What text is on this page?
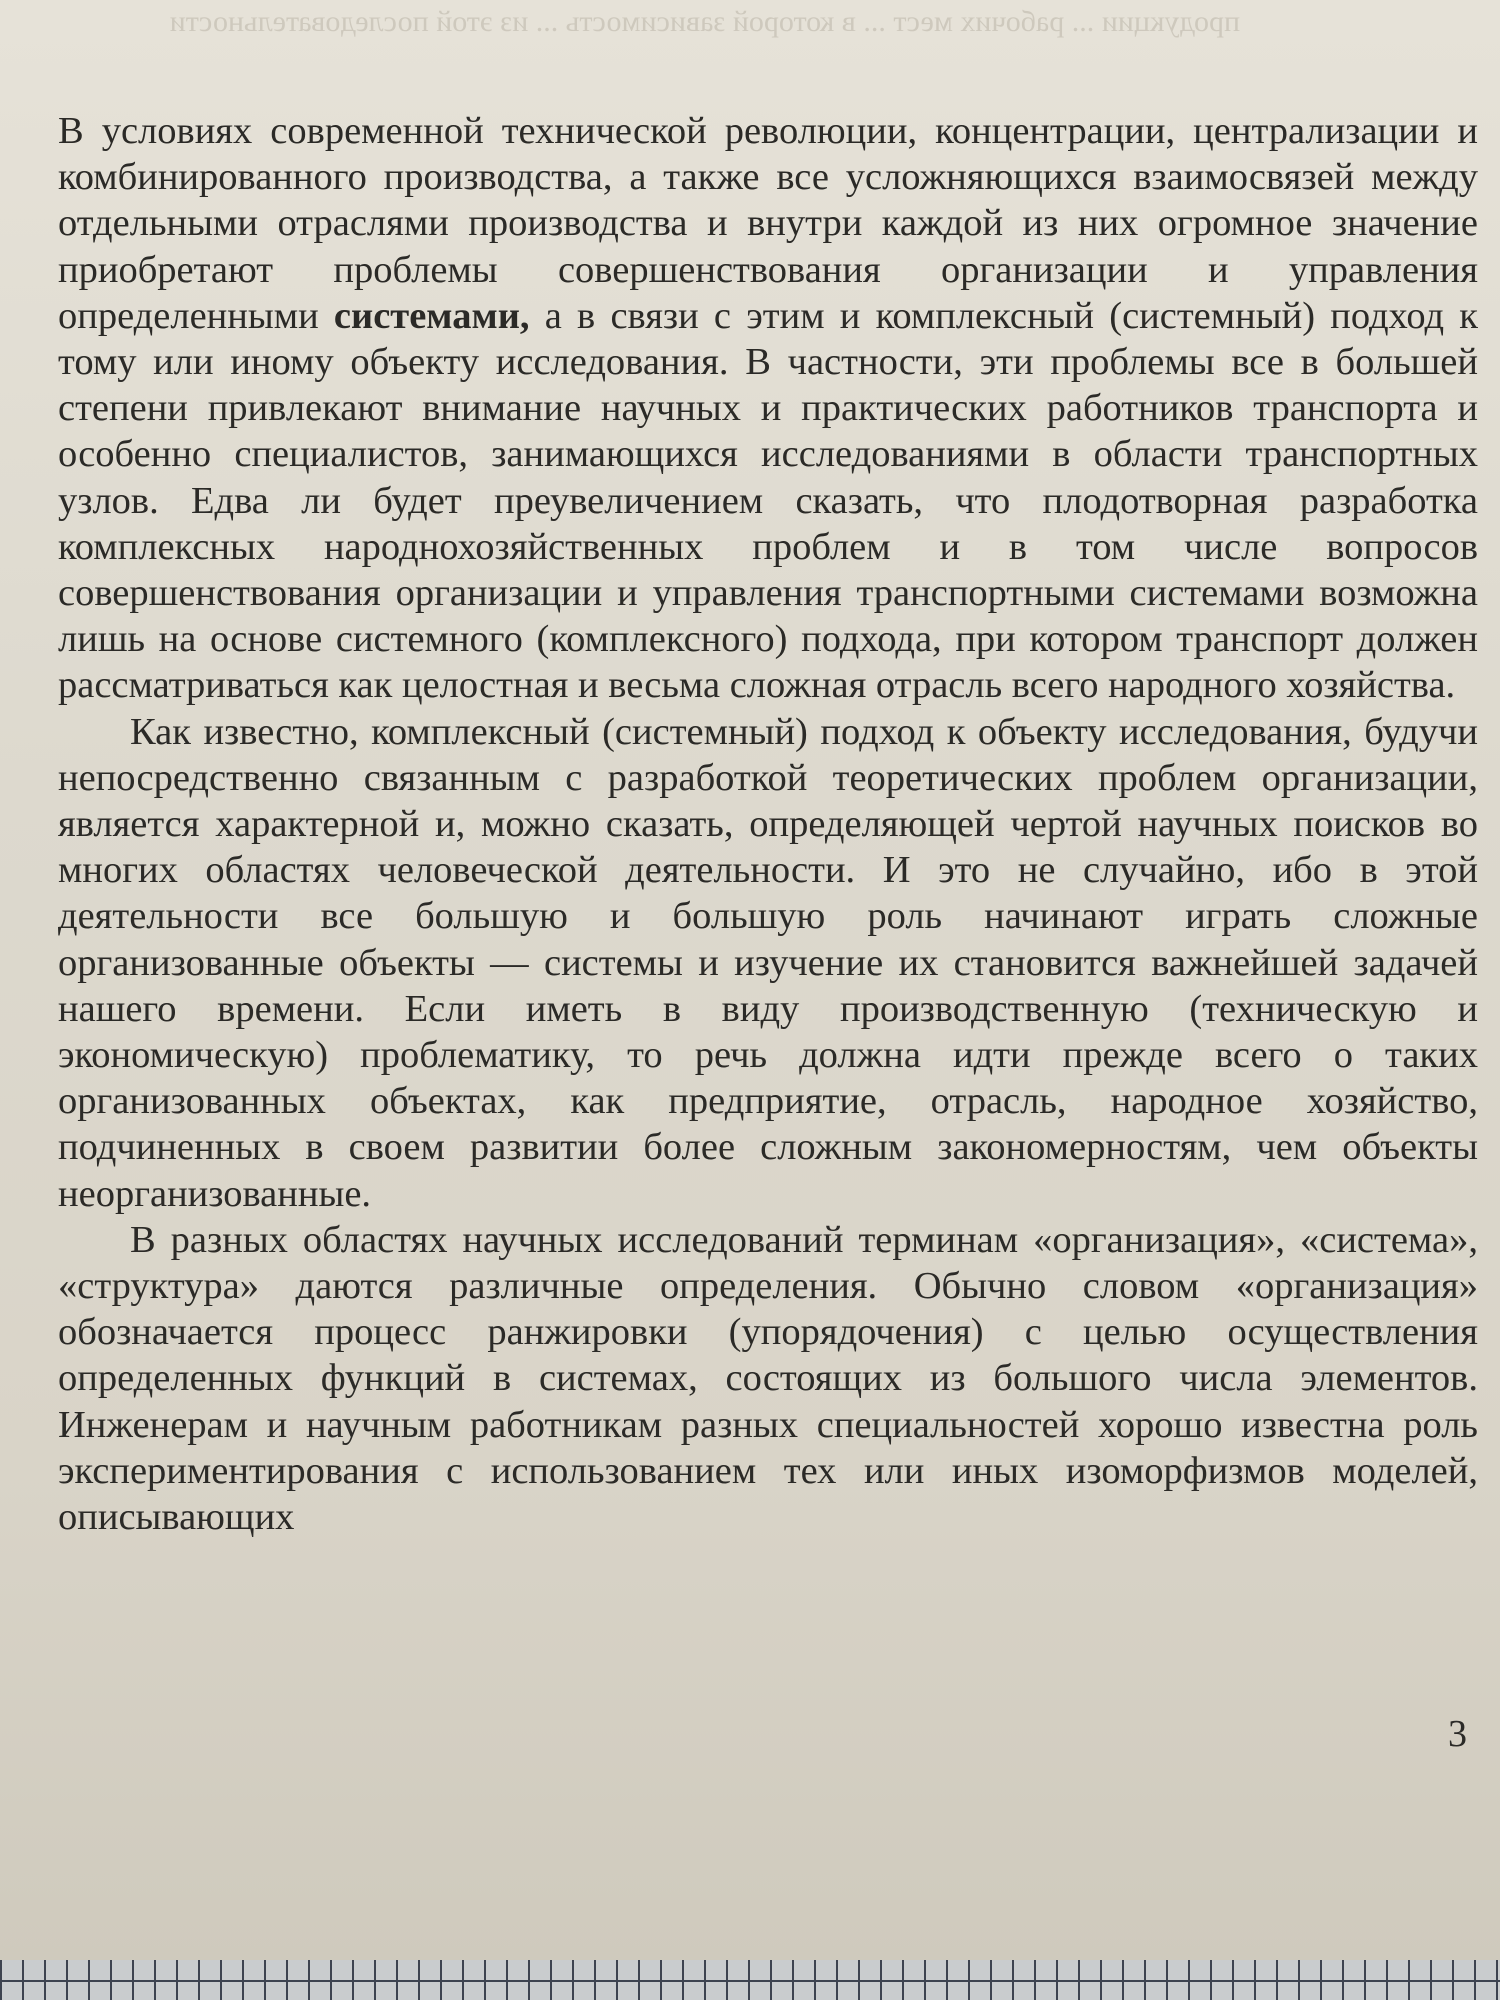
продукции ... рабочих мест ... в которой зависимость ... из этой последовательности

В условиях современной технической революции, концентрации, централизации и комбинированного производства, а также все усложняющихся взаимосвязей между отдельными отраслями производства и внутри каждой из них огромное значение приобретают проблемы совершенствования организации и управления определенными системами, а в связи с этим и комплексный (системный) подход к тому или иному объекту исследования. В частности, эти проблемы все в большей степени привлекают внимание научных и практических работников транспорта и особенно специалистов, занимающихся исследованиями в области транспортных узлов. Едва ли будет преувеличением сказать, что плодотворная разработка комплексных народнохозяйственных проблем и в том числе вопросов совершенствования организации и управления транспортными системами возможна лишь на основе системного (комплексного) подхода, при котором транспорт должен рассматриваться как целостная и весьма сложная отрасль всего народного хозяйства.

Как известно, комплексный (системный) подход к объекту исследования, будучи непосредственно связанным с разработкой теоретических проблем организации, является характерной и, можно сказать, определяющей чертой научных поисков во многих областях человеческой деятельности. И это не случайно, ибо в этой деятельности все большую и большую роль начинают играть сложные организованные объекты — системы и изучение их становится важнейшей задачей нашего времени. Если иметь в виду производственную (техническую и экономическую) проблематику, то речь должна идти прежде всего о таких организованных объектах, как предприятие, отрасль, народное хозяйство, подчиненных в своем развитии более сложным закономерностям, чем объекты неорганизованные.

В разных областях научных исследований терминам «организация», «система», «структура» даются различные определения. Обычно словом «организация» обозначается процесс ранжировки (упорядочения) с целью осуществления определенных функций в системах, состоящих из большого числа элементов. Инженерам и научным работникам разных специальностей хорошо известна роль экспериментирования с использованием тех или иных изоморфизмов моделей, описывающих

3
